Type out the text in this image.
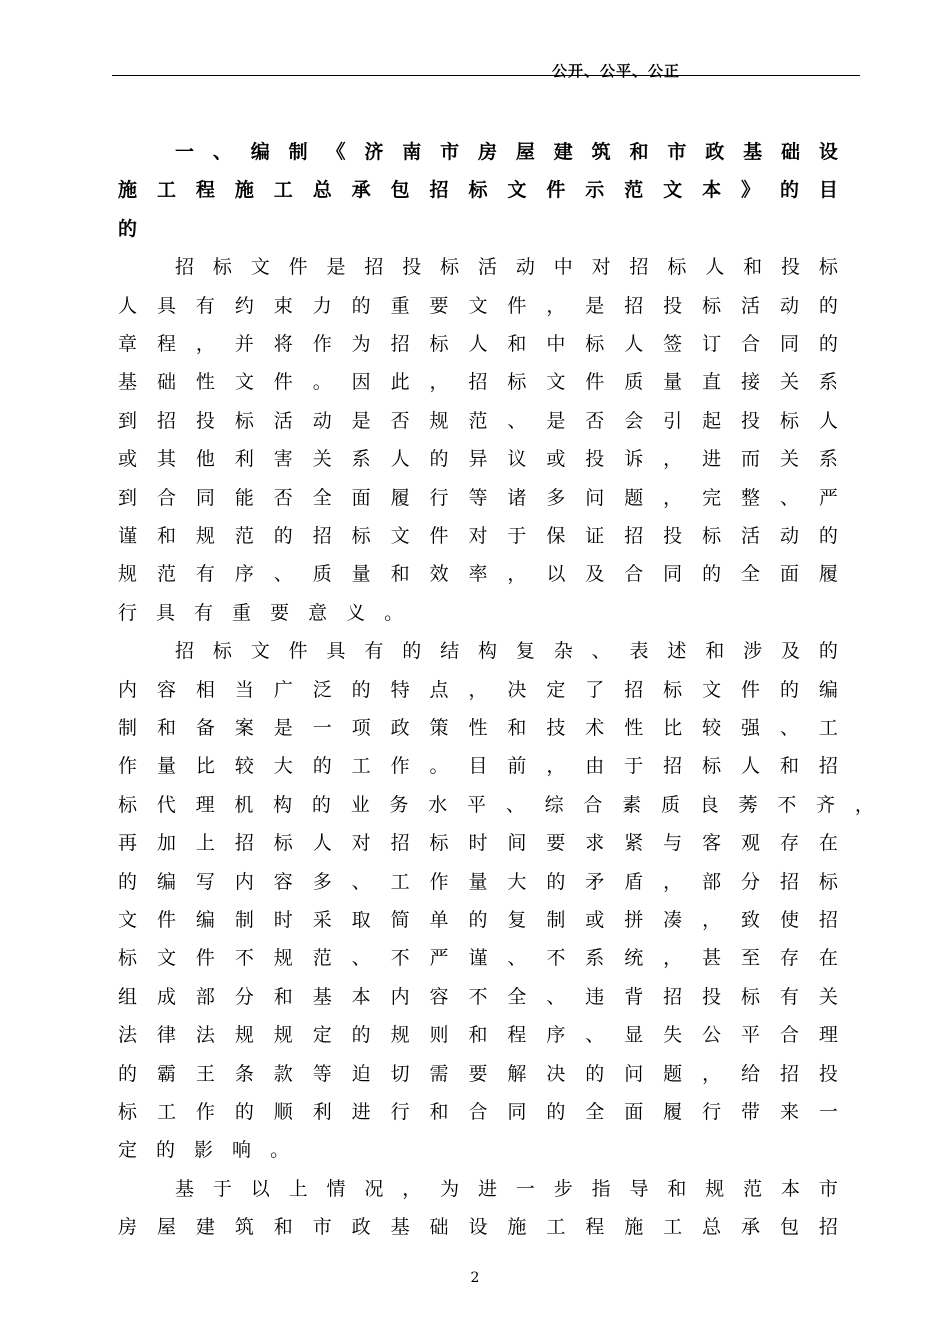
公开、公平、公正
一 、 编 制 《 济 南 市 房 屋 建 筑 和 市 政 基 础 设
施 工 程 施 工 总 承 包 招 标 文 件 示 范 文 本 》 的 目
的
招 标 文 件 是 招 投 标 活 动 中 对 招 标 人 和 投 标
人 具 有 约 束 力 的 重 要 文 件 ， 是 招 投 标 活 动 的
章 程 ， 并 将 作 为 招 标 人 和 中 标 人 签 订 合 同 的
基 础 性 文 件 。 因 此 ， 招 标 文 件 质 量 直 接 关 系
到 招 投 标 活 动 是 否 规 范 、 是 否 会 引 起 投 标 人
或 其 他 利 害 关 系 人 的 异 议 或 投 诉 ， 进 而 关 系
到 合 同 能 否 全 面 履 行 等 诸 多 问 题 ， 完 整 、 严
谨 和 规 范 的 招 标 文 件 对 于 保 证 招 投 标 活 动 的
规 范 有 序 、 质 量 和 效 率 ， 以 及 合 同 的 全 面 履
行 具 有 重 要 意 义 。
招 标 文 件 具 有 的 结 构 复 杂 、 表 述 和 涉 及 的
内 容 相 当 广 泛 的 特 点 ， 决 定 了 招 标 文 件 的 编
制 和 备 案 是 一 项 政 策 性 和 技 术 性 比 较 强 、 工
作 量 比 较 大 的 工 作 。 目 前 ， 由 于 招 标 人 和 招
标 代 理 机 构 的 业 务 水 平 、 综 合 素 质 良 莠 不 齐 ，
再 加 上 招 标 人 对 招 标 时 间 要 求 紧 与 客 观 存 在
的 编 写 内 容 多 、 工 作 量 大 的 矛 盾 ， 部 分 招 标
文 件 编 制 时 采 取 简 单 的 复 制 或 拼 凑 ， 致 使 招
标 文 件 不 规 范 、 不 严 谨 、 不 系 统 ， 甚 至 存 在
组 成 部 分 和 基 本 内 容 不 全 、 违 背 招 投 标 有 关
法 律 法 规 规 定 的 规 则 和 程 序 、 显 失 公 平 合 理
的 霸 王 条 款 等 迫 切 需 要 解 决 的 问 题 ， 给 招 投
标 工 作 的 顺 利 进 行 和 合 同 的 全 面 履 行 带 来 一
定 的 影 响 。
基 于 以 上 情 况 ， 为 进 一 步 指 导 和 规 范 本 市
房 屋 建 筑 和 市 政 基 础 设 施 工 程 施 工 总 承 包 招
2
